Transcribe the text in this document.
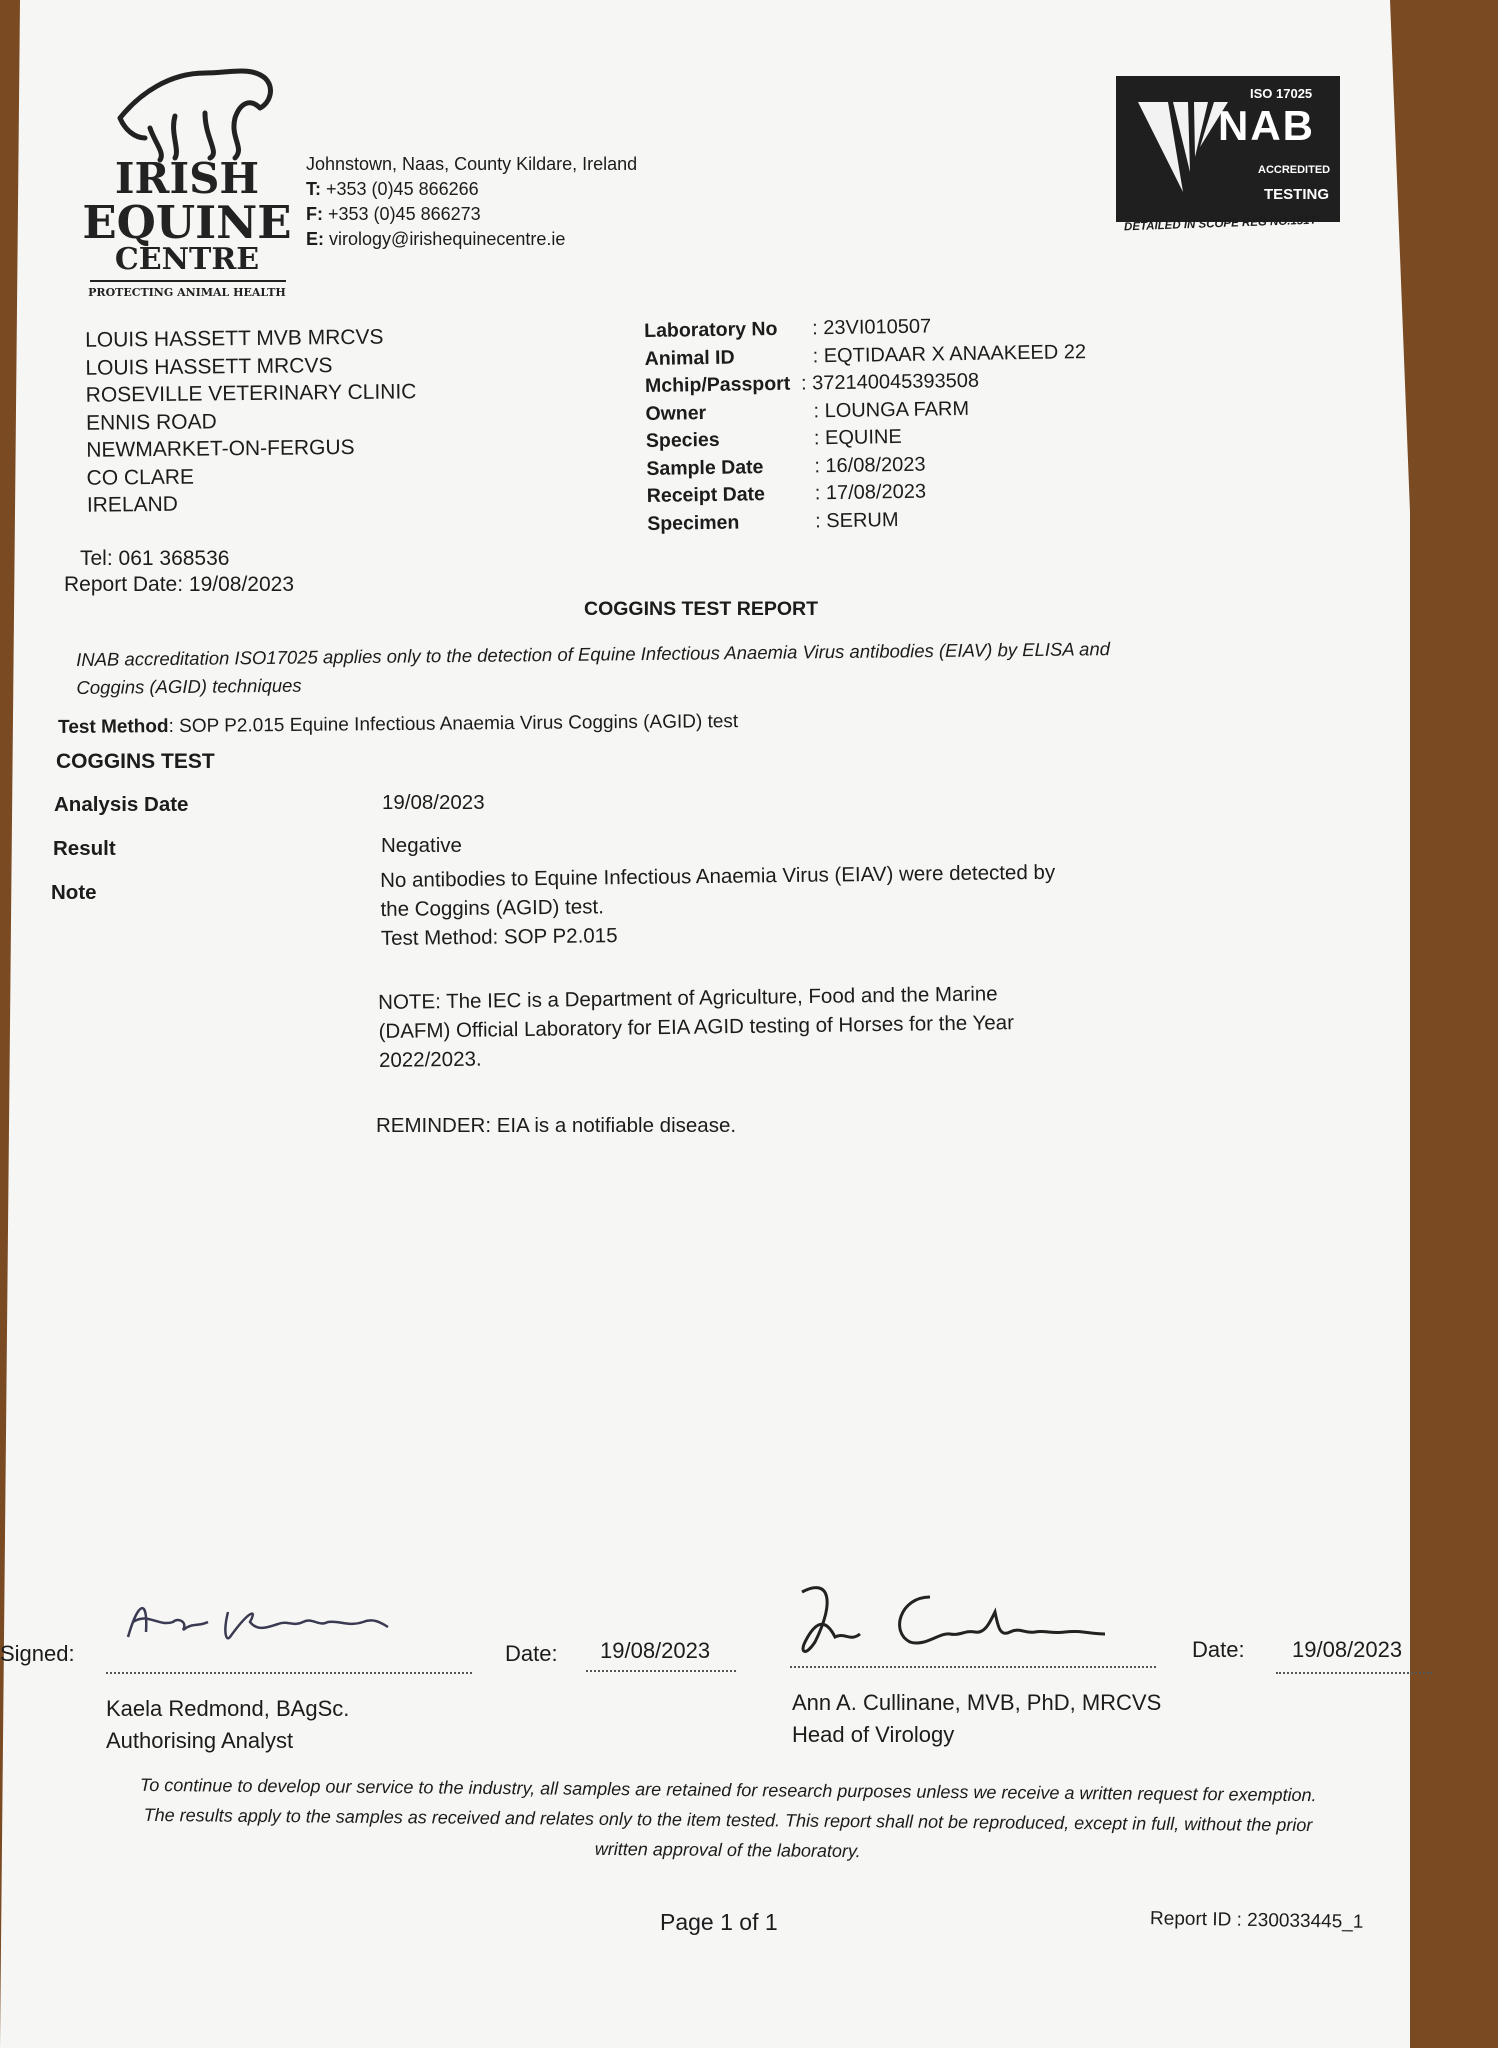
IRISH
EQUINE
CENTRE
PROTECTING ANIMAL HEALTH
Johnstown, Naas, County Kildare, Ireland
T: +353 (0)45 866266
F: +353 (0)45 866273
E: virology@irishequinecentre.ie
ISO 17025
NAB
ACCREDITED
TESTING
DETAILED IN SCOPE REG NO.151T
LOUIS HASSETT MVB MRCVS
LOUIS HASSETT MRCVS
ROSEVILLE VETERINARY CLINIC
ENNIS ROAD
NEWMARKET-ON-FERGUS
CO CLARE
IRELAND
Tel: 061 368536
Report Date: 19/08/2023
Laboratory No : 23VI010507
Animal ID	: EQTIDAAR X ANAAKEED 22
Mchip/Passport : 372140045393508
Owner	: LOUNGA FARM
Species	: EQUINE
Sample Date	: 16/08/2023
Receipt Date : 17/08/2023
Specimen	: SERUM
COGGINS TEST REPORT
INAB accreditation ISO17025 applies only to the detection of Equine Infectious Anaemia Virus antibodies (EIAV) by ELISA and
Coggins (AGID) techniques
Test Method: SOP P2.015 Equine Infectious Anaemia Virus Coggins (AGID) test
COGGINS TEST
Analysis Date	19/08/2023
Result	Negative
Note
No antibodies to Equine Infectious Anaemia Virus (EIAV) were detected by
the Coggins (AGID) test.
Test Method: SOP P2.015
NOTE: The IEC is a Department of Agriculture, Food and the Marine
(DAFM) Official Laboratory for EIA AGID testing of Horses for the Year
2022/2023.
REMINDER: EIA is a notifiable disease.
Signed:	Date: 19/08/2023	Date: 19/08/2023
Kaela Redmond, BAgSc.
Authorising Analyst
Ann A. Cullinane, MVB, PhD, MRCVS
Head of Virology
To continue to develop our service to the industry, all samples are retained for research purposes unless we receive a written request for exemption.
The results apply to the samples as received and relates only to the item tested. This report shall not be reproduced, except in full, without the prior
written approval of the laboratory.
Page 1 of 1	Report ID : 230033445_1
